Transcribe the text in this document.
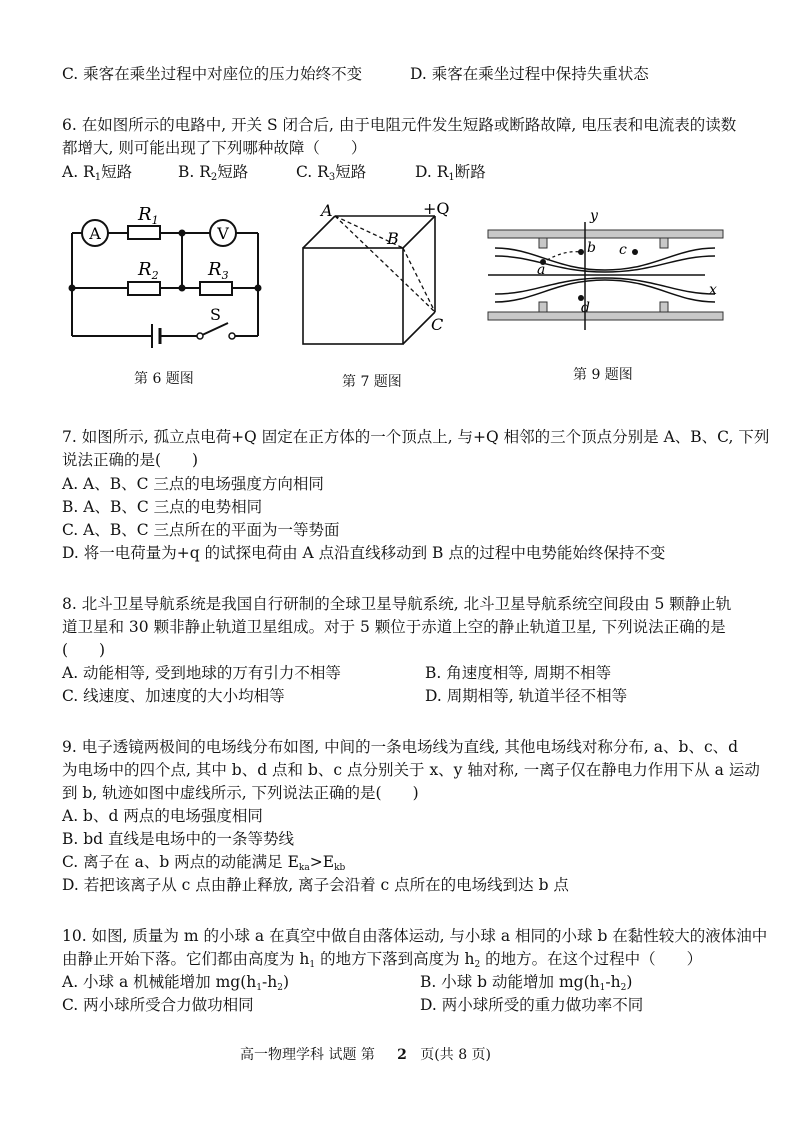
C. 乘客在乘坐过程中对座位的压力始终不变	D. 乘客在乘坐过程中保持失重状态
6. 在如图所示的电路中, 开关 S 闭合后, 由于电阻元件发生短路或断路故障, 电压表和电流表的读数
都增大, 则可能出现了下列哪种故障（　　）
A. R1短路	B. R2短路	C. R3短路	D. R1断路
A	V
$R_1$
$R_2$	$R_3$
S
第 6 题图
A
B
C
+Q
第 7 题图
y
x
a
b c
d
第 9 题图
7. 如图所示, 孤立点电荷+Q 固定在正方体的一个顶点上, 与+Q 相邻的三个顶点分别是 A、B、C, 下列
说法正确的是(　　)
A. A、B、C 三点的电场强度方向相同
B. A、B、C 三点的电势相同
C. A、B、C 三点所在的平面为一等势面
D. 将一电荷量为+q 的试探电荷由 A 点沿直线移动到 B 点的过程中电势能始终保持不变
8. 北斗卫星导航系统是我国自行研制的全球卫星导航系统, 北斗卫星导航系统空间段由 5 颗静止轨
道卫星和 30 颗非静止轨道卫星组成。对于 5 颗位于赤道上空的静止轨道卫星, 下列说法正确的是
(　　)
A. 动能相等, 受到地球的万有引力不相等	B. 角速度相等, 周期不相等
C. 线速度、加速度的大小均相等	D. 周期相等, 轨道半径不相等
9. 电子透镜两极间的电场线分布如图, 中间的一条电场线为直线, 其他电场线对称分布, a、b、c、d
为电场中的四个点, 其中 b、d 点和 b、c 点分别关于 x、y 轴对称, 一离子仅在静电力作用下从 a 运动
到 b, 轨迹如图中虚线所示, 下列说法正确的是(　　)
A. b、d 两点的电场强度相同
B. bd 直线是电场中的一条等势线
C. 离子在 a、b 两点的动能满足 Eka>Ekb
D. 若把该离子从 c 点由静止释放, 离子会沿着 c 点所在的电场线到达 b 点
10. 如图, 质量为 m 的小球 a 在真空中做自由落体运动, 与小球 a 相同的小球 b 在黏性较大的液体油中
由静止开始下落。它们都由高度为 h1 的地方下落到高度为 h2 的地方。在这个过程中（　　）
A. 小球 a 机械能增加 mg(h1-h2)	B. 小球 b 动能增加 mg(h1-h2)
C. 两小球所受合力做功相同	D. 两小球所受的重力做功率不同
高一物理学科 试题 第 2 页(共 8 页)
